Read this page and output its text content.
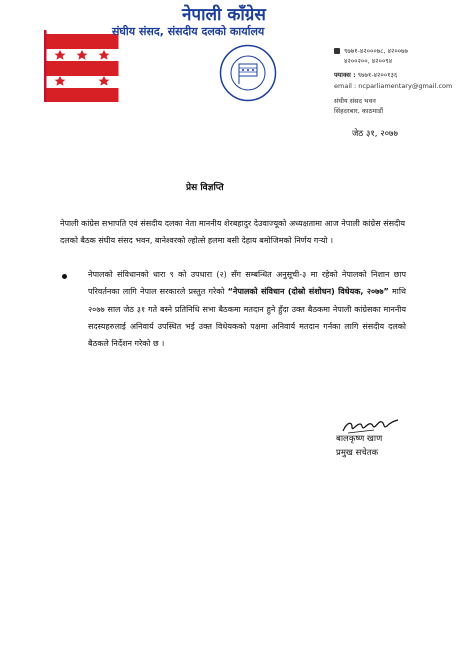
नेपाली काँग्रेस
संघीय संसद, संसदीय दलको कार्यालय
९७७१-४२०००७८, ४२००७७
४२००२००, ४२००९४
फ्याक्स : ९७७१-४२००१३६
email : ncparliamentary@gmail.com
संघीय संसद भवन
सिंहदरबार, काठमाडौं
जेठ ३१, २०७७
प्रेस विज्ञप्ति
नेपाली कांग्रेस सभापति एवं संसदीय दलका नेता माननीय शेरबहादुर देउवाज्यूको अध्यक्षतामा आज नेपाली कांग्रेस संसदीय दलको बैठक संघीय संसद भवन, बानेश्वरको ल्होत्से हलमा बसी देहाय बमोजिमको निर्णय गऱ्यो ।
नेपालको संविधानको धारा ९ को उपधारा (२) सँग सम्बन्धित अनुसूची-३ मा रहेको नेपालको निशान छाप परिवर्तनका लागि नेपाल सरकारले प्रस्तुत गरेको “नेपालको संविधान (दोस्रो संशोधन) विधेयक, २०७७” माथि २०७७ साल जेठ ३१ गते बस्ने प्रतिनिधि सभा बैठकमा मतदान हुने हुँदा उक्त बैठकमा नेपाली कांग्रेसका माननीय सदस्यहरुलाई अनिवार्य उपस्थित भई उक्त विधेयकको पक्षमा अनिवार्य मतदान गर्नका लागि संसदीय दलको बैठकले निर्देशन गरेको छ ।
बालकृष्ण खाण
प्रमुख सचेतक
